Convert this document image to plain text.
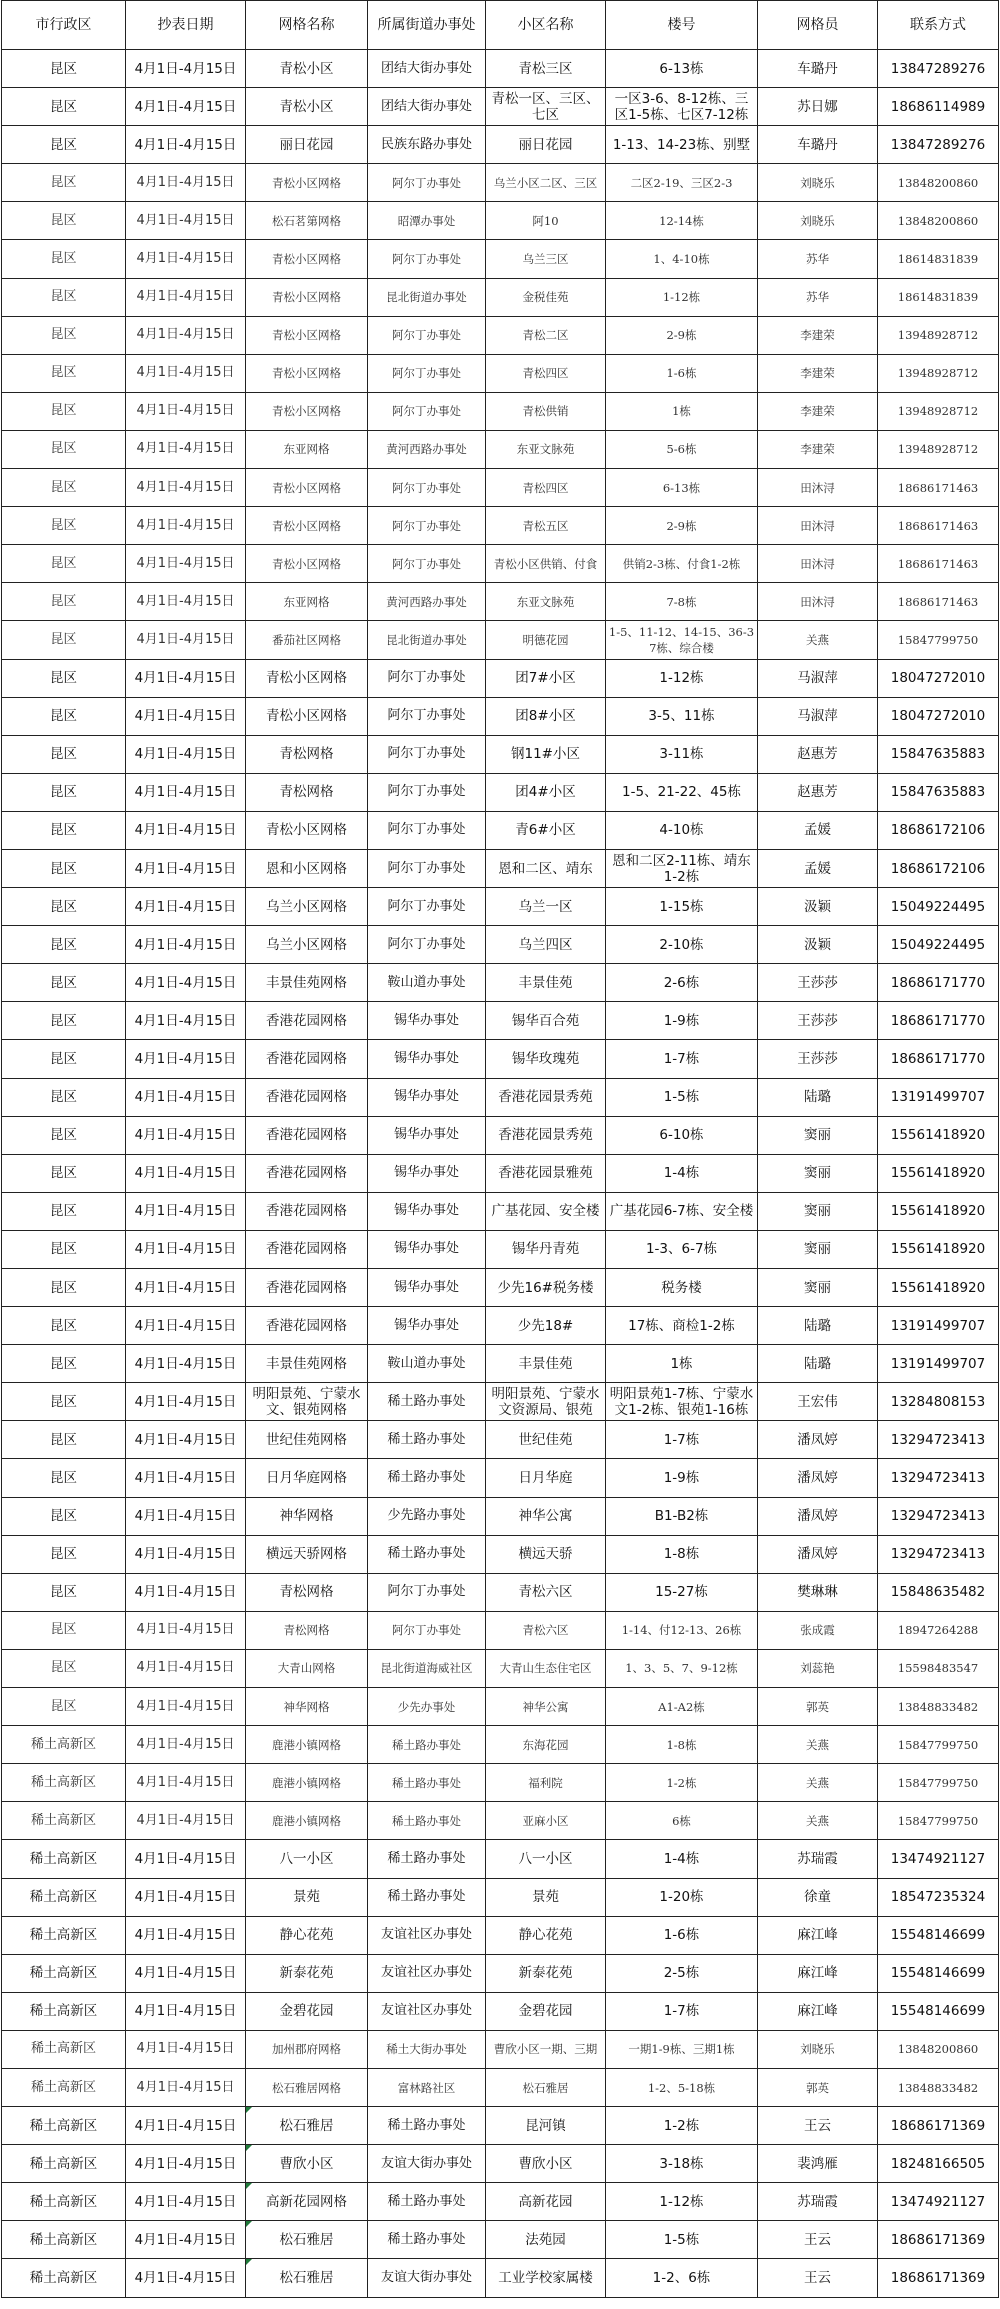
市行政区	抄表日期	网格名称	所属街道办事处	小区名称	楼号	网格员	联系方式
昆区	4月1日-4月15日	青松小区	团结大街办事处	青松三区	6-13栋	车璐丹	13847289276
昆区	4月1日-4月15日	青松小区	团结大街办事处	青松一区、三区、七区	一区3-6、8-12栋、三区1-5栋、七区7-12栋	苏日娜	18686114989
昆区	4月1日-4月15日	丽日花园	民族东路办事处	丽日花园	1-13、14-23栋、别墅	车璐丹	13847289276
昆区	4月1日-4月15日	青松小区网格	阿尔丁办事处	乌兰小区二区、三区	二区2-19、三区2-3	刘晓乐	13848200860
昆区	4月1日-4月15日	松石茗第网格	昭潭办事处	阿10	12-14栋	刘晓乐	13848200860
昆区	4月1日-4月15日	青松小区网格	阿尔丁办事处	乌兰三区	1、4-10栋	苏华	18614831839
昆区	4月1日-4月15日	青松小区网格	昆北街道办事处	金税佳苑	1-12栋	苏华	18614831839
昆区	4月1日-4月15日	青松小区网格	阿尔丁办事处	青松二区	2-9栋	李建荣	13948928712
昆区	4月1日-4月15日	青松小区网格	阿尔丁办事处	青松四区	1-6栋	李建荣	13948928712
昆区	4月1日-4月15日	青松小区网格	阿尔丁办事处	青松供销	1栋	李建荣	13948928712
昆区	4月1日-4月15日	东亚网格	黄河西路办事处	东亚文脉苑	5-6栋	李建荣	13948928712
昆区	4月1日-4月15日	青松小区网格	阿尔丁办事处	青松四区	6-13栋	田沐浔	18686171463
昆区	4月1日-4月15日	青松小区网格	阿尔丁办事处	青松五区	2-9栋	田沐浔	18686171463
昆区	4月1日-4月15日	青松小区网格	阿尔丁办事处	青松小区供销、付食	供销2-3栋、付食1-2栋	田沐浔	18686171463
昆区	4月1日-4月15日	东亚网格	黄河西路办事处	东亚文脉苑	7-8栋	田沐浔	18686171463
昆区	4月1日-4月15日	番茄社区网格	昆北街道办事处	明德花园	1-5、11-12、14-15、36-37栋、综合楼	关燕	15847799750
昆区	4月1日-4月15日	青松小区网格	阿尔丁办事处	团7#小区	1-12栋	马淑萍	18047272010
昆区	4月1日-4月15日	青松小区网格	阿尔丁办事处	团8#小区	3-5、11栋	马淑萍	18047272010
昆区	4月1日-4月15日	青松网格	阿尔丁办事处	钢11#小区	3-11栋	赵惠芳	15847635883
昆区	4月1日-4月15日	青松网格	阿尔丁办事处	团4#小区	1-5、21-22、45栋	赵惠芳	15847635883
昆区	4月1日-4月15日	青松小区网格	阿尔丁办事处	青6#小区	4-10栋	孟媛	18686172106
昆区	4月1日-4月15日	恩和小区网格	阿尔丁办事处	恩和二区、靖东	恩和二区2-11栋、靖东1-2栋	孟媛	18686172106
昆区	4月1日-4月15日	乌兰小区网格	阿尔丁办事处	乌兰一区	1-15栋	汲颖	15049224495
昆区	4月1日-4月15日	乌兰小区网格	阿尔丁办事处	乌兰四区	2-10栋	汲颖	15049224495
昆区	4月1日-4月15日	丰景佳苑网格	鞍山道办事处	丰景佳苑	2-6栋	王莎莎	18686171770
昆区	4月1日-4月15日	香港花园网格	锡华办事处	锡华百合苑	1-9栋	王莎莎	18686171770
昆区	4月1日-4月15日	香港花园网格	锡华办事处	锡华玫瑰苑	1-7栋	王莎莎	18686171770
昆区	4月1日-4月15日	香港花园网格	锡华办事处	香港花园景秀苑	1-5栋	陆璐	13191499707
昆区	4月1日-4月15日	香港花园网格	锡华办事处	香港花园景秀苑	6-10栋	窦丽	15561418920
昆区	4月1日-4月15日	香港花园网格	锡华办事处	香港花园景雅苑	1-4栋	窦丽	15561418920
昆区	4月1日-4月15日	香港花园网格	锡华办事处	广基花园、安全楼	广基花园6-7栋、安全楼	窦丽	15561418920
昆区	4月1日-4月15日	香港花园网格	锡华办事处	锡华丹青苑	1-3、6-7栋	窦丽	15561418920
昆区	4月1日-4月15日	香港花园网格	锡华办事处	少先16#税务楼	税务楼	窦丽	15561418920
昆区	4月1日-4月15日	香港花园网格	锡华办事处	少先18#	17栋、商检1-2栋	陆璐	13191499707
昆区	4月1日-4月15日	丰景佳苑网格	鞍山道办事处	丰景佳苑	1栋	陆璐	13191499707
昆区	4月1日-4月15日	明阳景苑、宁蒙水文、银苑网格	稀土路办事处	明阳景苑、宁蒙水文资源局、银苑	明阳景苑1-7栋、宁蒙水文1-2栋、银苑1-16栋	王宏伟	13284808153
昆区	4月1日-4月15日	世纪佳苑网格	稀土路办事处	世纪佳苑	1-7栋	潘凤婷	13294723413
昆区	4月1日-4月15日	日月华庭网格	稀土路办事处	日月华庭	1-9栋	潘凤婷	13294723413
昆区	4月1日-4月15日	神华网格	少先路办事处	神华公寓	B1-B2栋	潘凤婷	13294723413
昆区	4月1日-4月15日	横远天骄网格	稀土路办事处	横远天骄	1-8栋	潘凤婷	13294723413
昆区	4月1日-4月15日	青松网格	阿尔丁办事处	青松六区	15-27栋	樊琳琳	15848635482
昆区	4月1日-4月15日	青松网格	阿尔丁办事处	青松六区	1-14、付12-13、26栋	张成霞	18947264288
昆区	4月1日-4月15日	大青山网格	昆北街道海威社区	大青山生态住宅区	1、3、5、7、9-12栋	刘蕊艳	15598483547
昆区	4月1日-4月15日	神华网格	少先办事处	神华公寓	A1-A2栋	郭英	13848833482
稀土高新区	4月1日-4月15日	鹿港小镇网格	稀土路办事处	东海花园	1-8栋	关燕	15847799750
稀土高新区	4月1日-4月15日	鹿港小镇网格	稀土路办事处	福利院	1-2栋	关燕	15847799750
稀土高新区	4月1日-4月15日	鹿港小镇网格	稀土路办事处	亚麻小区	6栋	关燕	15847799750
稀土高新区	4月1日-4月15日	八一小区	稀土路办事处	八一小区	1-4栋	苏瑞霞	13474921127
稀土高新区	4月1日-4月15日	景苑	稀土路办事处	景苑	1-20栋	徐童	18547235324
稀土高新区	4月1日-4月15日	静心花苑	友谊社区办事处	静心花苑	1-6栋	麻江峰	15548146699
稀土高新区	4月1日-4月15日	新泰花苑	友谊社区办事处	新泰花苑	2-5栋	麻江峰	15548146699
稀土高新区	4月1日-4月15日	金碧花园	友谊社区办事处	金碧花园	1-7栋	麻江峰	15548146699
稀土高新区	4月1日-4月15日	加州郡府网格	稀土大街办事处	曹欣小区一期、三期	一期1-9栋、三期1栋	刘晓乐	13848200860
稀土高新区	4月1日-4月15日	松石雅居网格	富林路社区	松石雅居	1-2、5-18栋	郭英	13848833482
稀土高新区	4月1日-4月15日	松石雅居	稀土路办事处	昆河镇	1-2栋	王云	18686171369
稀土高新区	4月1日-4月15日	曹欣小区	友谊大街办事处	曹欣小区	3-18栋	裴鸿雁	18248166505
稀土高新区	4月1日-4月15日	高新花园网格	稀土路办事处	高新花园	1-12栋	苏瑞霞	13474921127
稀土高新区	4月1日-4月15日	松石雅居	稀土路办事处	法苑园	1-5栋	王云	18686171369
稀土高新区	4月1日-4月15日	松石雅居	友谊大街办事处	工业学校家属楼	1-2、6栋	王云	18686171369
